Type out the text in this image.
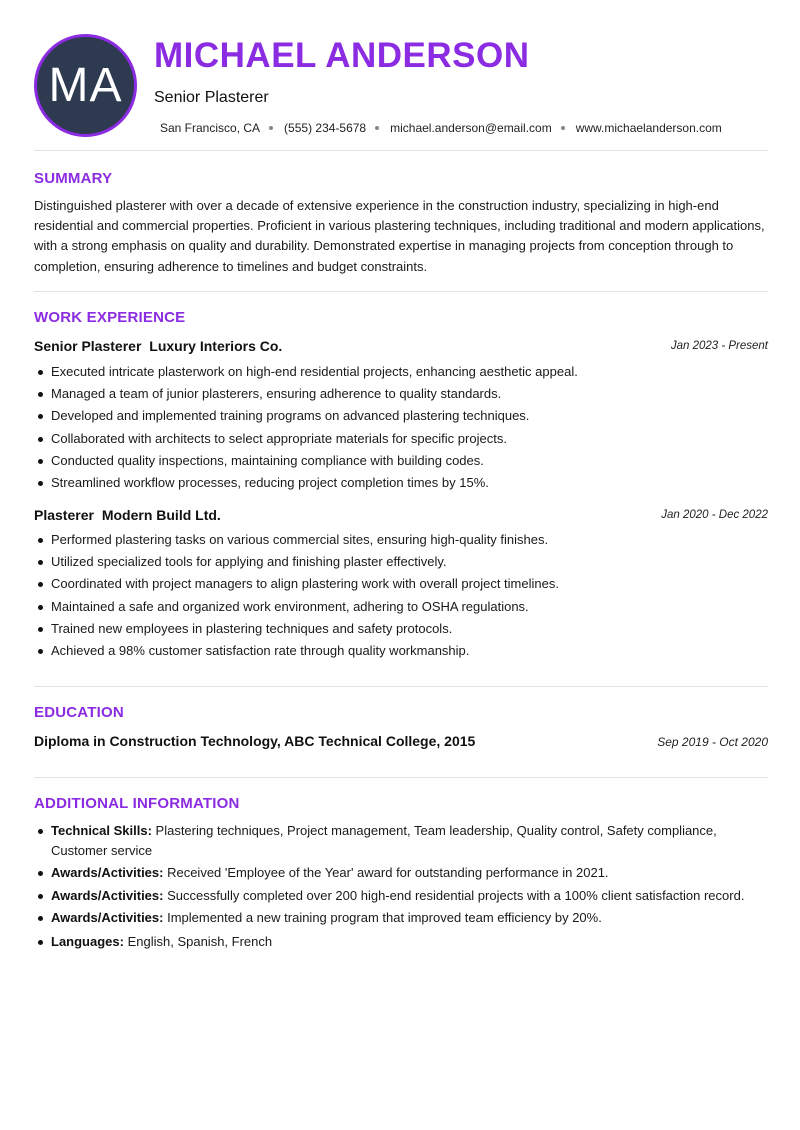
MA
MICHAEL ANDERSON
Senior Plasterer
San Francisco, CA (555) 234-5678 michael.anderson@email.com www.michaelanderson.com
SUMMARY
Distinguished plasterer with over a decade of extensive experience in the construction industry, specializing in high-end residential and commercial properties. Proficient in various plastering techniques, including traditional and modern applications, with a strong emphasis on quality and durability. Demonstrated expertise in managing projects from conception through to completion, ensuring adherence to timelines and budget constraints.
WORK EXPERIENCE
Senior Plasterer Luxury Interiors Co.	Jan 2023 - Present
Executed intricate plasterwork on high-end residential projects, enhancing aesthetic appeal.
Managed a team of junior plasterers, ensuring adherence to quality standards.
Developed and implemented training programs on advanced plastering techniques.
Collaborated with architects to select appropriate materials for specific projects.
Conducted quality inspections, maintaining compliance with building codes.
Streamlined workflow processes, reducing project completion times by 15%.
Plasterer Modern Build Ltd.	Jan 2020 - Dec 2022
Performed plastering tasks on various commercial sites, ensuring high-quality finishes.
Utilized specialized tools for applying and finishing plaster effectively.
Coordinated with project managers to align plastering work with overall project timelines.
Maintained a safe and organized work environment, adhering to OSHA regulations.
Trained new employees in plastering techniques and safety protocols.
Achieved a 98% customer satisfaction rate through quality workmanship.
EDUCATION
Diploma in Construction Technology, ABC Technical College, 2015	Sep 2019 - Oct 2020
ADDITIONAL INFORMATION
Technical Skills: Plastering techniques, Project management, Team leadership, Quality control, Safety compliance, Customer service
Awards/Activities: Received 'Employee of the Year' award for outstanding performance in 2021.
Awards/Activities: Successfully completed over 200 high-end residential projects with a 100% client satisfaction record.
Awards/Activities: Implemented a new training program that improved team efficiency by 20%.
Languages: English, Spanish, French
